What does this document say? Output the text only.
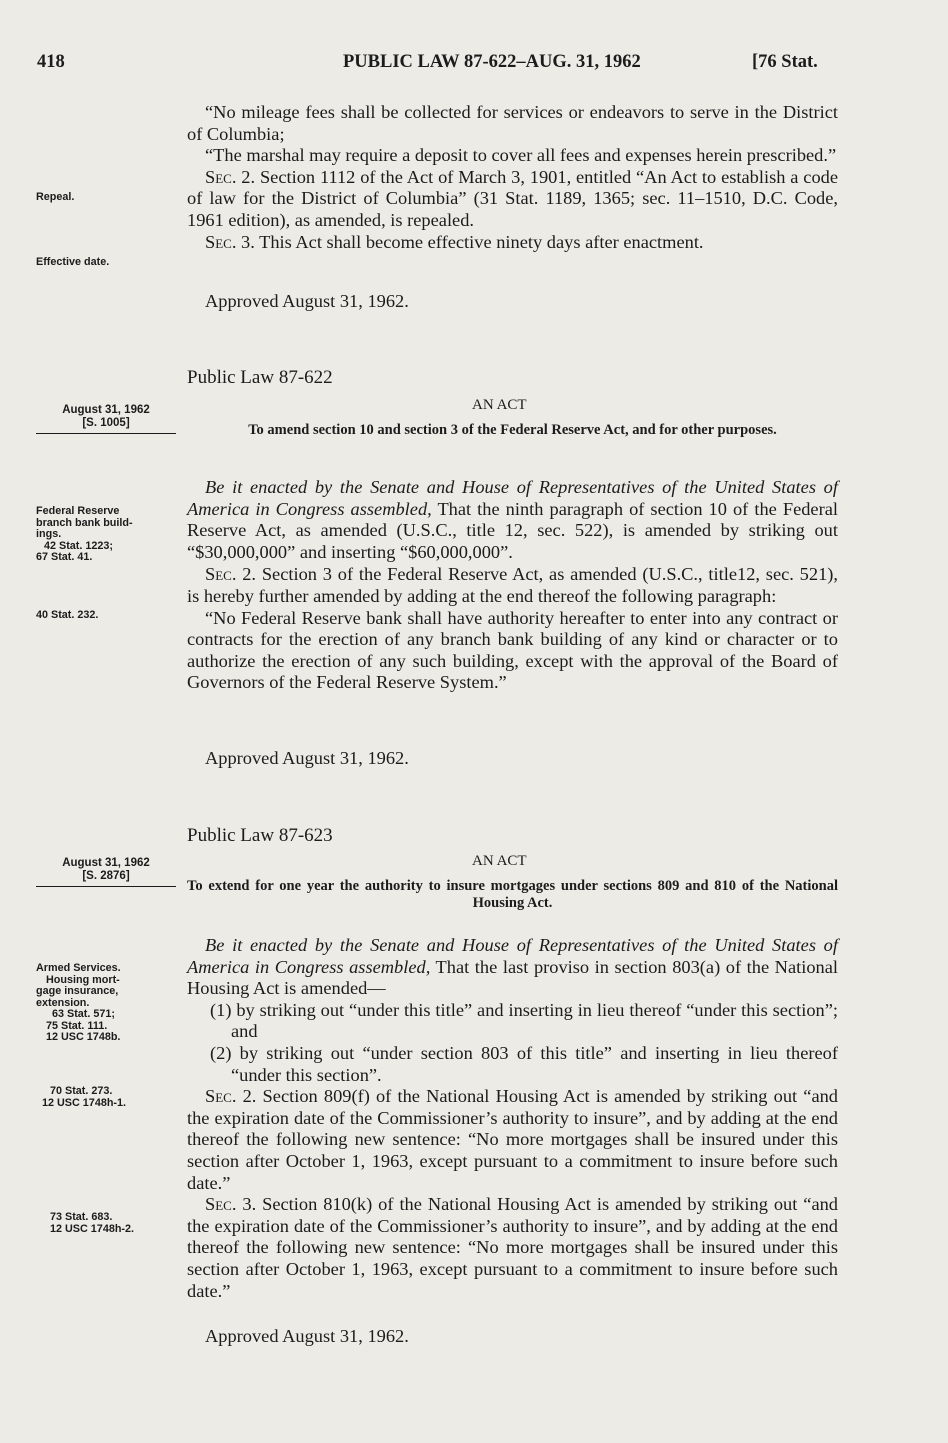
418	PUBLIC LAW 87-622–AUG. 31, 1962	[76 Stat.

“No mileage fees shall be collected for services or endeavors to serve in the District of Columbia;

“The marshal may require a deposit to cover all fees and expenses herein prescribed.”

Sec. 2. Section 1112 of the Act of March 3, 1901, entitled “An Act to establish a code of law for the District of Columbia” (31 Stat. 1189, 1365; sec. 11–1510, D.C. Code, 1961 edition), as amended, is repealed.

Sec. 3. This Act shall become effective ninety days after enactment.

Approved August 31, 1962.
Repeal.
Effective date.
Public Law 87-622
AN ACT
August 31, 1962
[S. 1005]	To amend section 10 and section 3 of the Federal Reserve Act, and for other purposes.

Be it enacted by the Senate and House of Representatives of the United States of America in Congress assembled, That the ninth paragraph of section 10 of the Federal Reserve Act, as amended (U.S.C., title 12, sec. 522), is amended by striking out “$30,000,000” and inserting “$60,000,000”.

Sec. 2. Section 3 of the Federal Reserve Act, as amended (U.S.C., title12, sec. 521), is hereby further amended by adding at the end thereof the following paragraph:

“No Federal Reserve bank shall have authority hereafter to enter into any contract or contracts for the erection of any branch bank building of any kind or character or to authorize the erection of any such building, except with the approval of the Board of Governors of the Federal Reserve System.”

Approved August 31, 1962.
Federal Reserve
branch bank build-
ings.
42 Stat. 1223;
67 Stat. 41.
40 Stat. 232.
Public Law 87-623
AN ACT
August 31, 1962
[S. 2876]

To extend for one year the authority to insure mortgages under sections 809 and 810 of the National Housing Act.

Be it enacted by the Senate and House of Representatives of the United States of America in Congress assembled, That the last proviso in section 803(a) of the National Housing Act is amended—

(1) by striking out “under this title” and inserting in lieu thereof “under this section”; and

(2) by striking out “under section 803 of this title” and inserting in lieu thereof “under this section”.

Sec. 2. Section 809(f) of the National Housing Act is amended by striking out “and the expiration date of the Commissioner’s authority to insure”, and by adding at the end thereof the following new sentence: “No more mortgages shall be insured under this section after October 1, 1963, except pursuant to a commitment to insure before such date.”

Sec. 3. Section 810(k) of the National Housing Act is amended by striking out “and the expiration date of the Commissioner’s authority to insure”, and by adding at the end thereof the following new sentence: “No more mortgages shall be insured under this section after October 1, 1963, except pursuant to a commitment to insure before such date.”

Approved August 31, 1962.
Armed Services.
Housing mort-
gage insurance,
extension.
63 Stat. 571;
75 Stat. 111.
12 USC 1748b.
70 Stat. 273.
12 USC 1748h-1.
73 Stat. 683.
12 USC 1748h-2.
